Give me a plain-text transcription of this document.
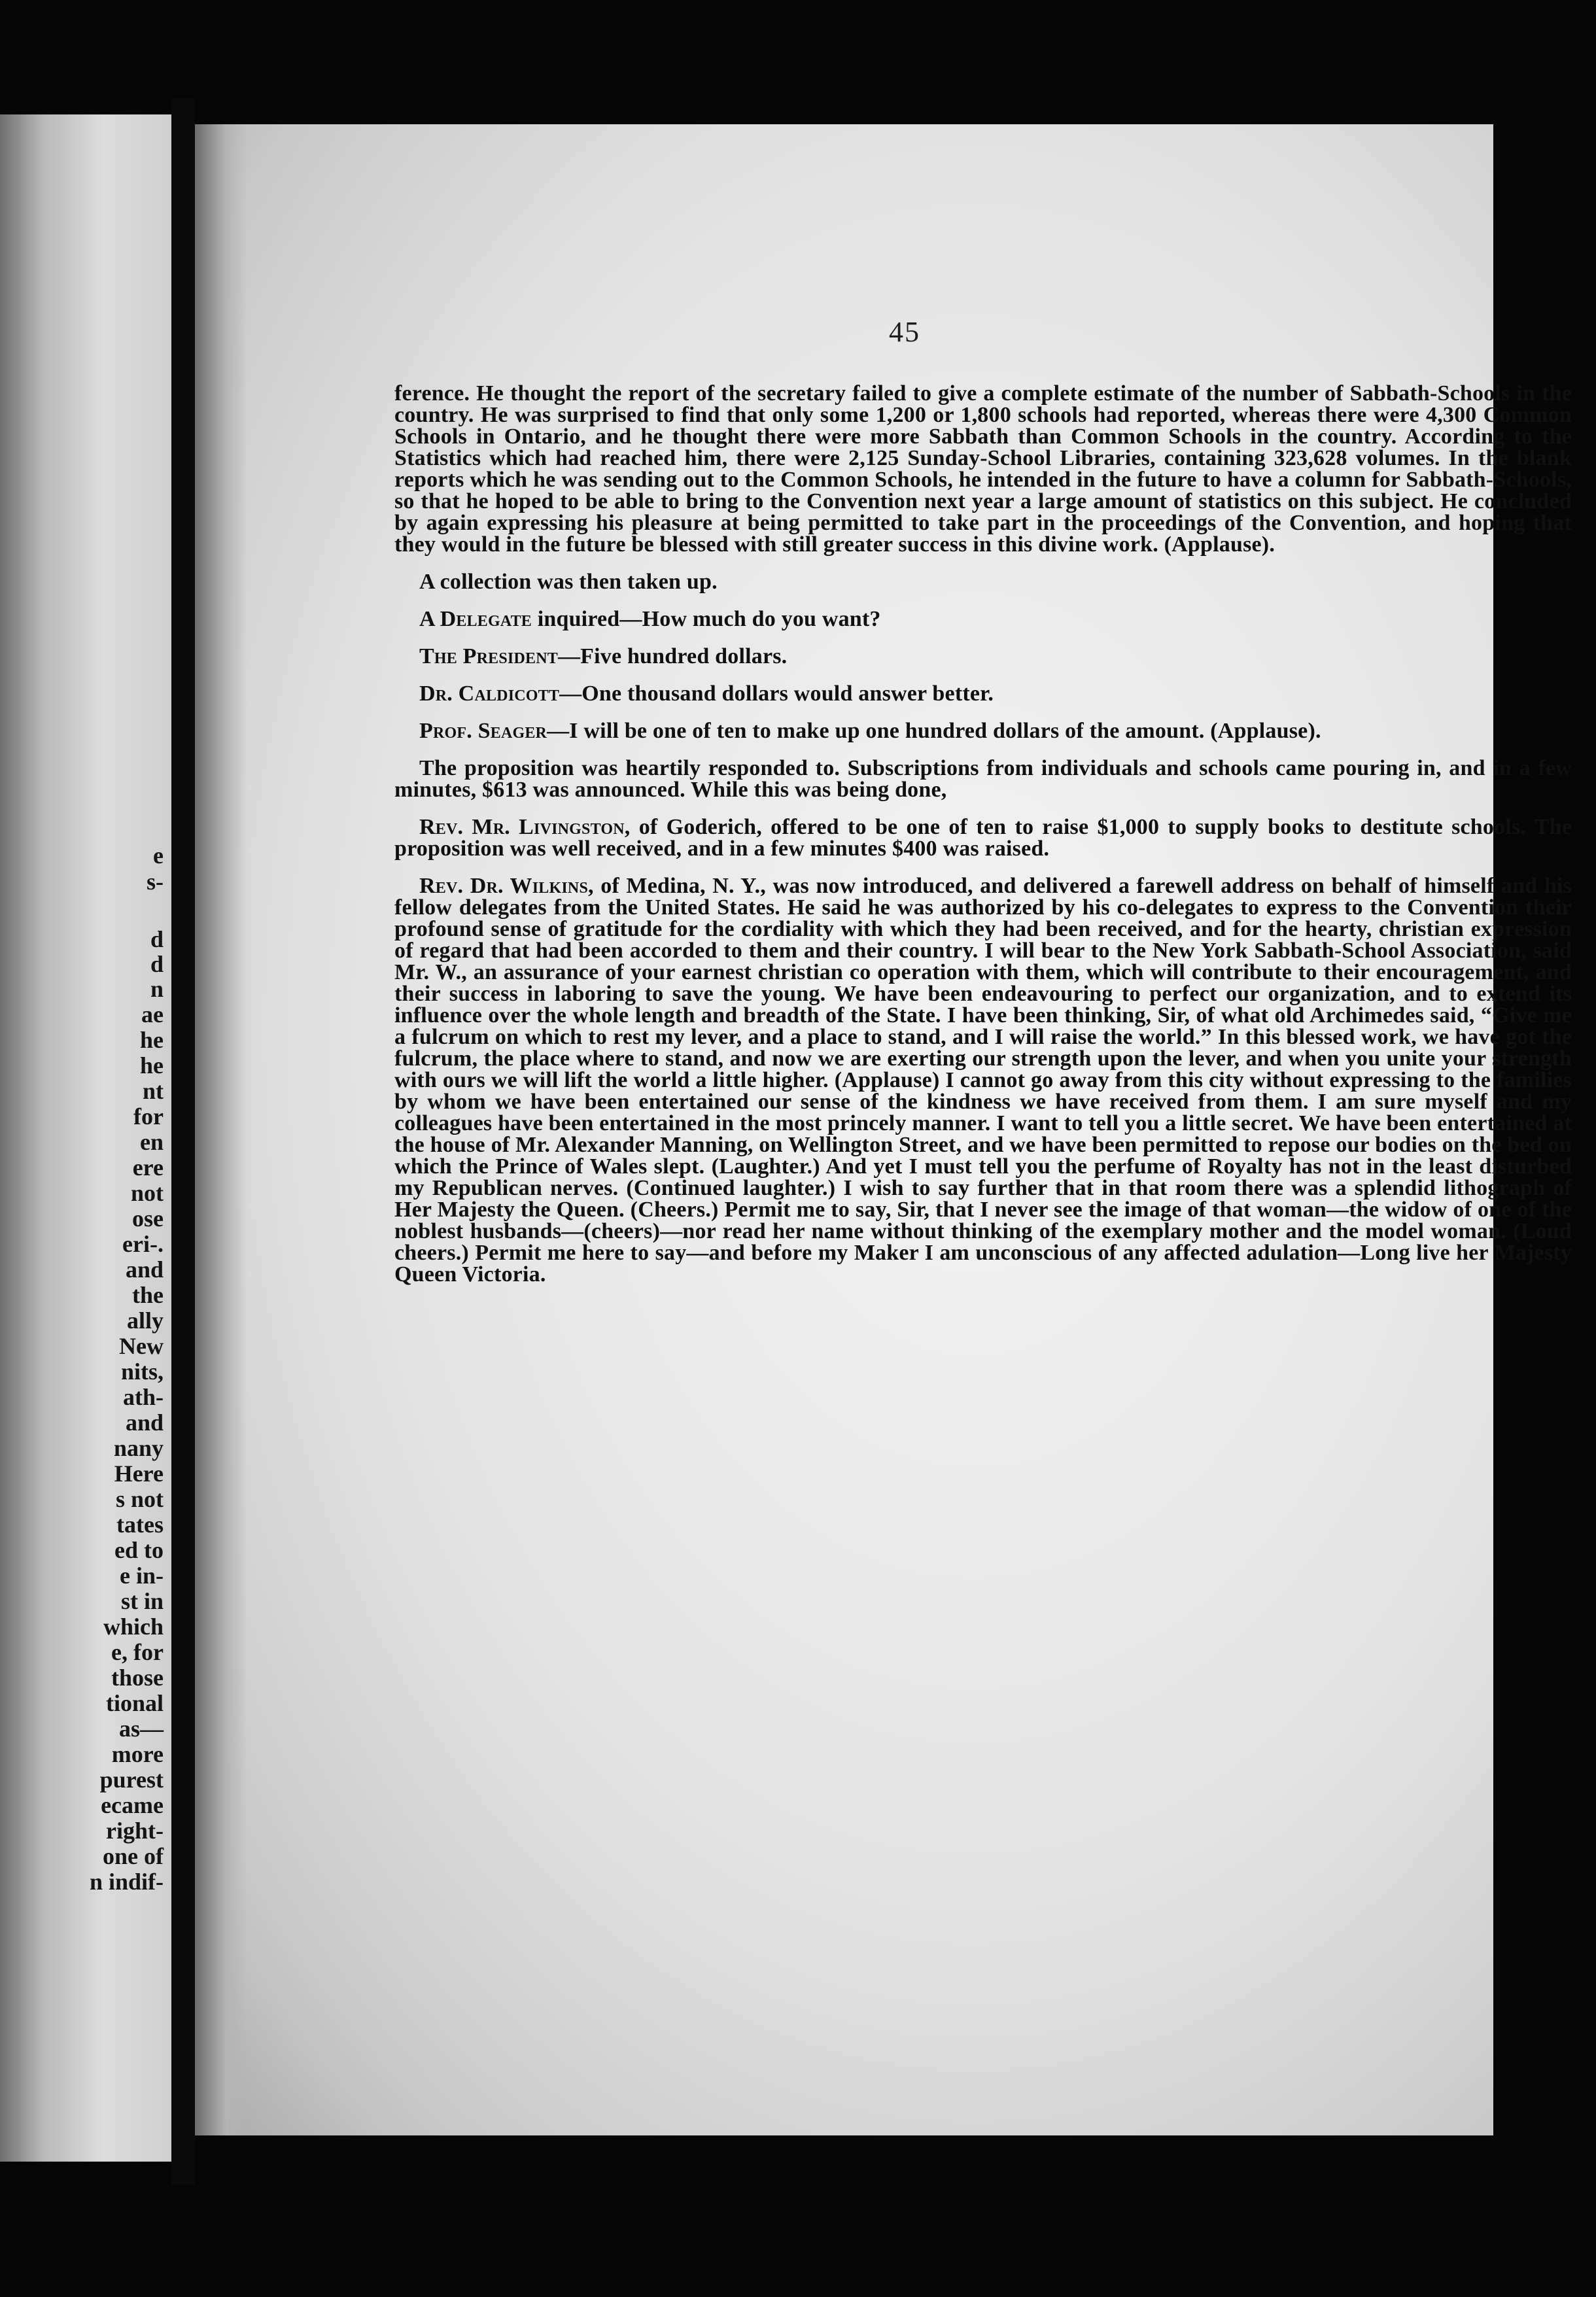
e
s-
d
d
n
ae
he
he
nt
for
en
ere
not
ose
eri-.
and
the
ally
New
nits,
ath-
and
nany
Here
s not
tates
ed to
e in-
st in
which
e, for
those
tional
as—
more
purest
ecame
right-
one of
n indif-
45

ference. He thought the report of the secretary failed to give a complete estimate of the number of Sabbath-Schools in the country. He was surprised to find that only some 1,200 or 1,800 schools had reported, whereas there were 4,300 Common Schools in Ontario, and he thought there were more Sabbath than Common Schools in the country. According to the Statistics which had reached him, there were 2,125 Sunday-School Libraries, containing 323,628 volumes. In the blank reports which he was sending out to the Common Schools, he intended in the future to have a column for Sabbath-Schools, so that he hoped to be able to bring to the Convention next year a large amount of statistics on this subject. He concluded by again expressing his pleasure at being permitted to take part in the proceedings of the Convention, and hoping that they would in the future be blessed with still greater success in this divine work. (Applause).

A collection was then taken up.

A Delegate inquired—How much do you want?

The President—Five hundred dollars.

Dr. Caldicott—One thousand dollars would answer better.

Prof. Seager—I will be one of ten to make up one hundred dollars of the amount. (Applause).

The proposition was heartily responded to. Subscriptions from individuals and schools came pouring in, and in a few minutes, $613 was announced. While this was being done,

Rev. Mr. Livingston, of Goderich, offered to be one of ten to raise $1,000 to supply books to destitute schools. The proposition was well received, and in a few minutes $400 was raised.

Rev. Dr. Wilkins, of Medina, N. Y., was now introduced, and delivered a farewell address on behalf of himself and his fellow delegates from the United States. He said he was authorized by his co-delegates to express to the Convention their profound sense of gratitude for the cordiality with which they had been received, and for the hearty, christian expression of regard that had been accorded to them and their country. I will bear to the New York Sabbath-School Association, said Mr. W., an assurance of your earnest christian co operation with them, which will contribute to their encouragement, and their success in laboring to save the young. We have been endeavouring to perfect our organization, and to extend its influence over the whole length and breadth of the State. I have been thinking, Sir, of what old Archimedes said, “Give me a fulcrum on which to rest my lever, and a place to stand, and I will raise the world.” In this blessed work, we have got the fulcrum, the place where to stand, and now we are exerting our strength upon the lever, and when you unite your strength with ours we will lift the world a little higher. (Applause) I cannot go away from this city without expressing to the families by whom we have been entertained our sense of the kindness we have received from them. I am sure myself and my colleagues have been entertained in the most princely manner. I want to tell you a little secret. We have been entertained at the house of Mr. Alexander Manning, on Wellington Street, and we have been permitted to repose our bodies on the bed on which the Prince of Wales slept. (Laughter.) And yet I must tell you the perfume of Royalty has not in the least disturbed my Republican nerves. (Continued laughter.) I wish to say further that in that room there was a splendid lithograph of Her Majesty the Queen. (Cheers.) Permit me to say, Sir, that I never see the image of that woman—the widow of one of the noblest husbands—(cheers)—nor read her name without thinking of the exemplary mother and the model woman. (Loud cheers.) Permit me here to say—and before my Maker I am unconscious of any affected adulation—Long live her Majesty Queen Victoria.
